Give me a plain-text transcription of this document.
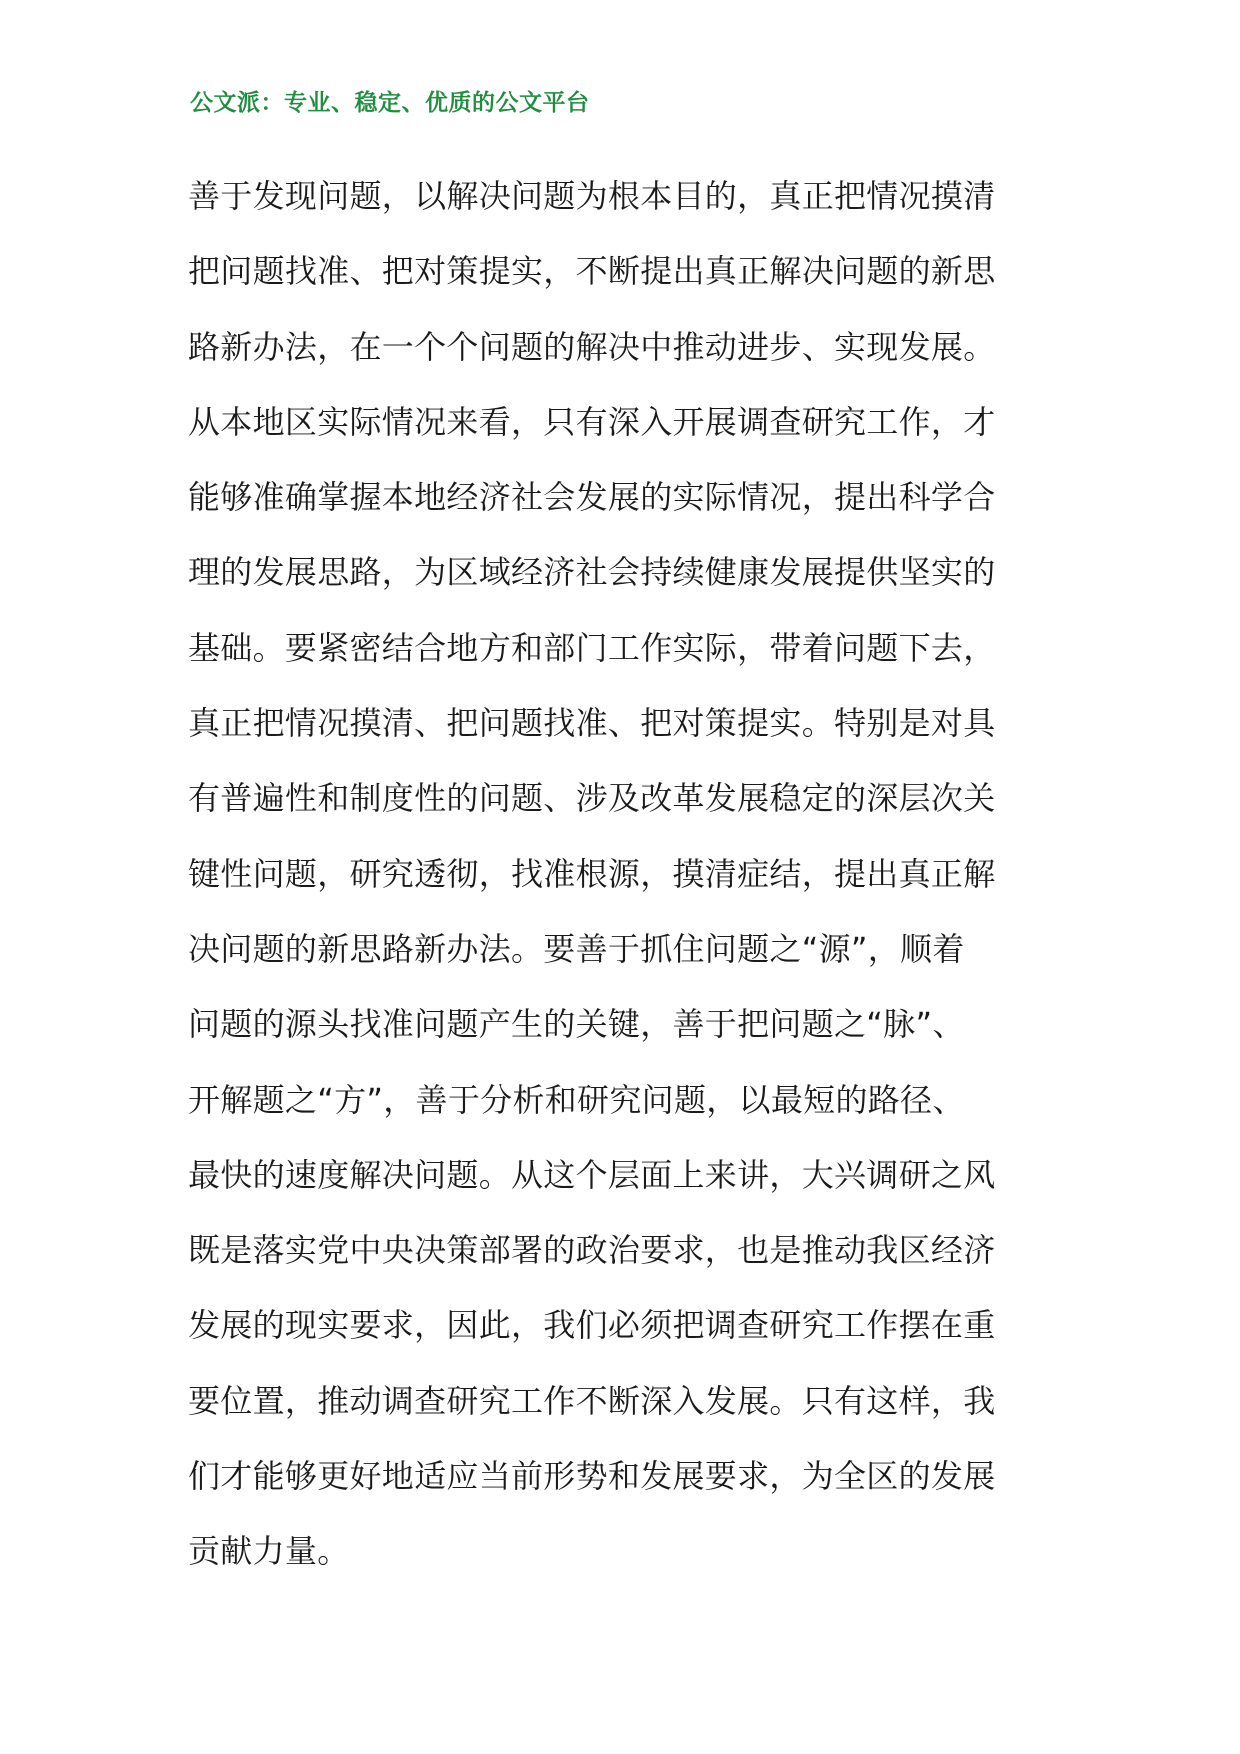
公文派：专业、稳定、优质的公文平台
善于发现问题，以解决问题为根本目的，真正把情况摸清
把问题找准、把对策提实，不断提出真正解决问题的新思
路新办法，在一个个问题的解决中推动进步、实现发展。
从本地区实际情况来看，只有深入开展调查研究工作，才
能够准确掌握本地经济社会发展的实际情况，提出科学合
理的发展思路，为区域经济社会持续健康发展提供坚实的
基础。要紧密结合地方和部门工作实际，带着问题下去，
真正把情况摸清、把问题找准、把对策提实。特别是对具
有普遍性和制度性的问题、涉及改革发展稳定的深层次关
键性问题，研究透彻，找准根源，摸清症结，提出真正解
决问题的新思路新办法。要善于抓住问题之“源”，顺着
问题的源头找准问题产生的关键，善于把问题之“脉”、
开解题之“方”，善于分析和研究问题，以最短的路径、
最快的速度解决问题。从这个层面上来讲，大兴调研之风
既是落实党中央决策部署的政治要求，也是推动我区经济
发展的现实要求，因此，我们必须把调查研究工作摆在重
要位置，推动调查研究工作不断深入发展。只有这样，我
们才能够更好地适应当前形势和发展要求，为全区的发展
贡献力量。
